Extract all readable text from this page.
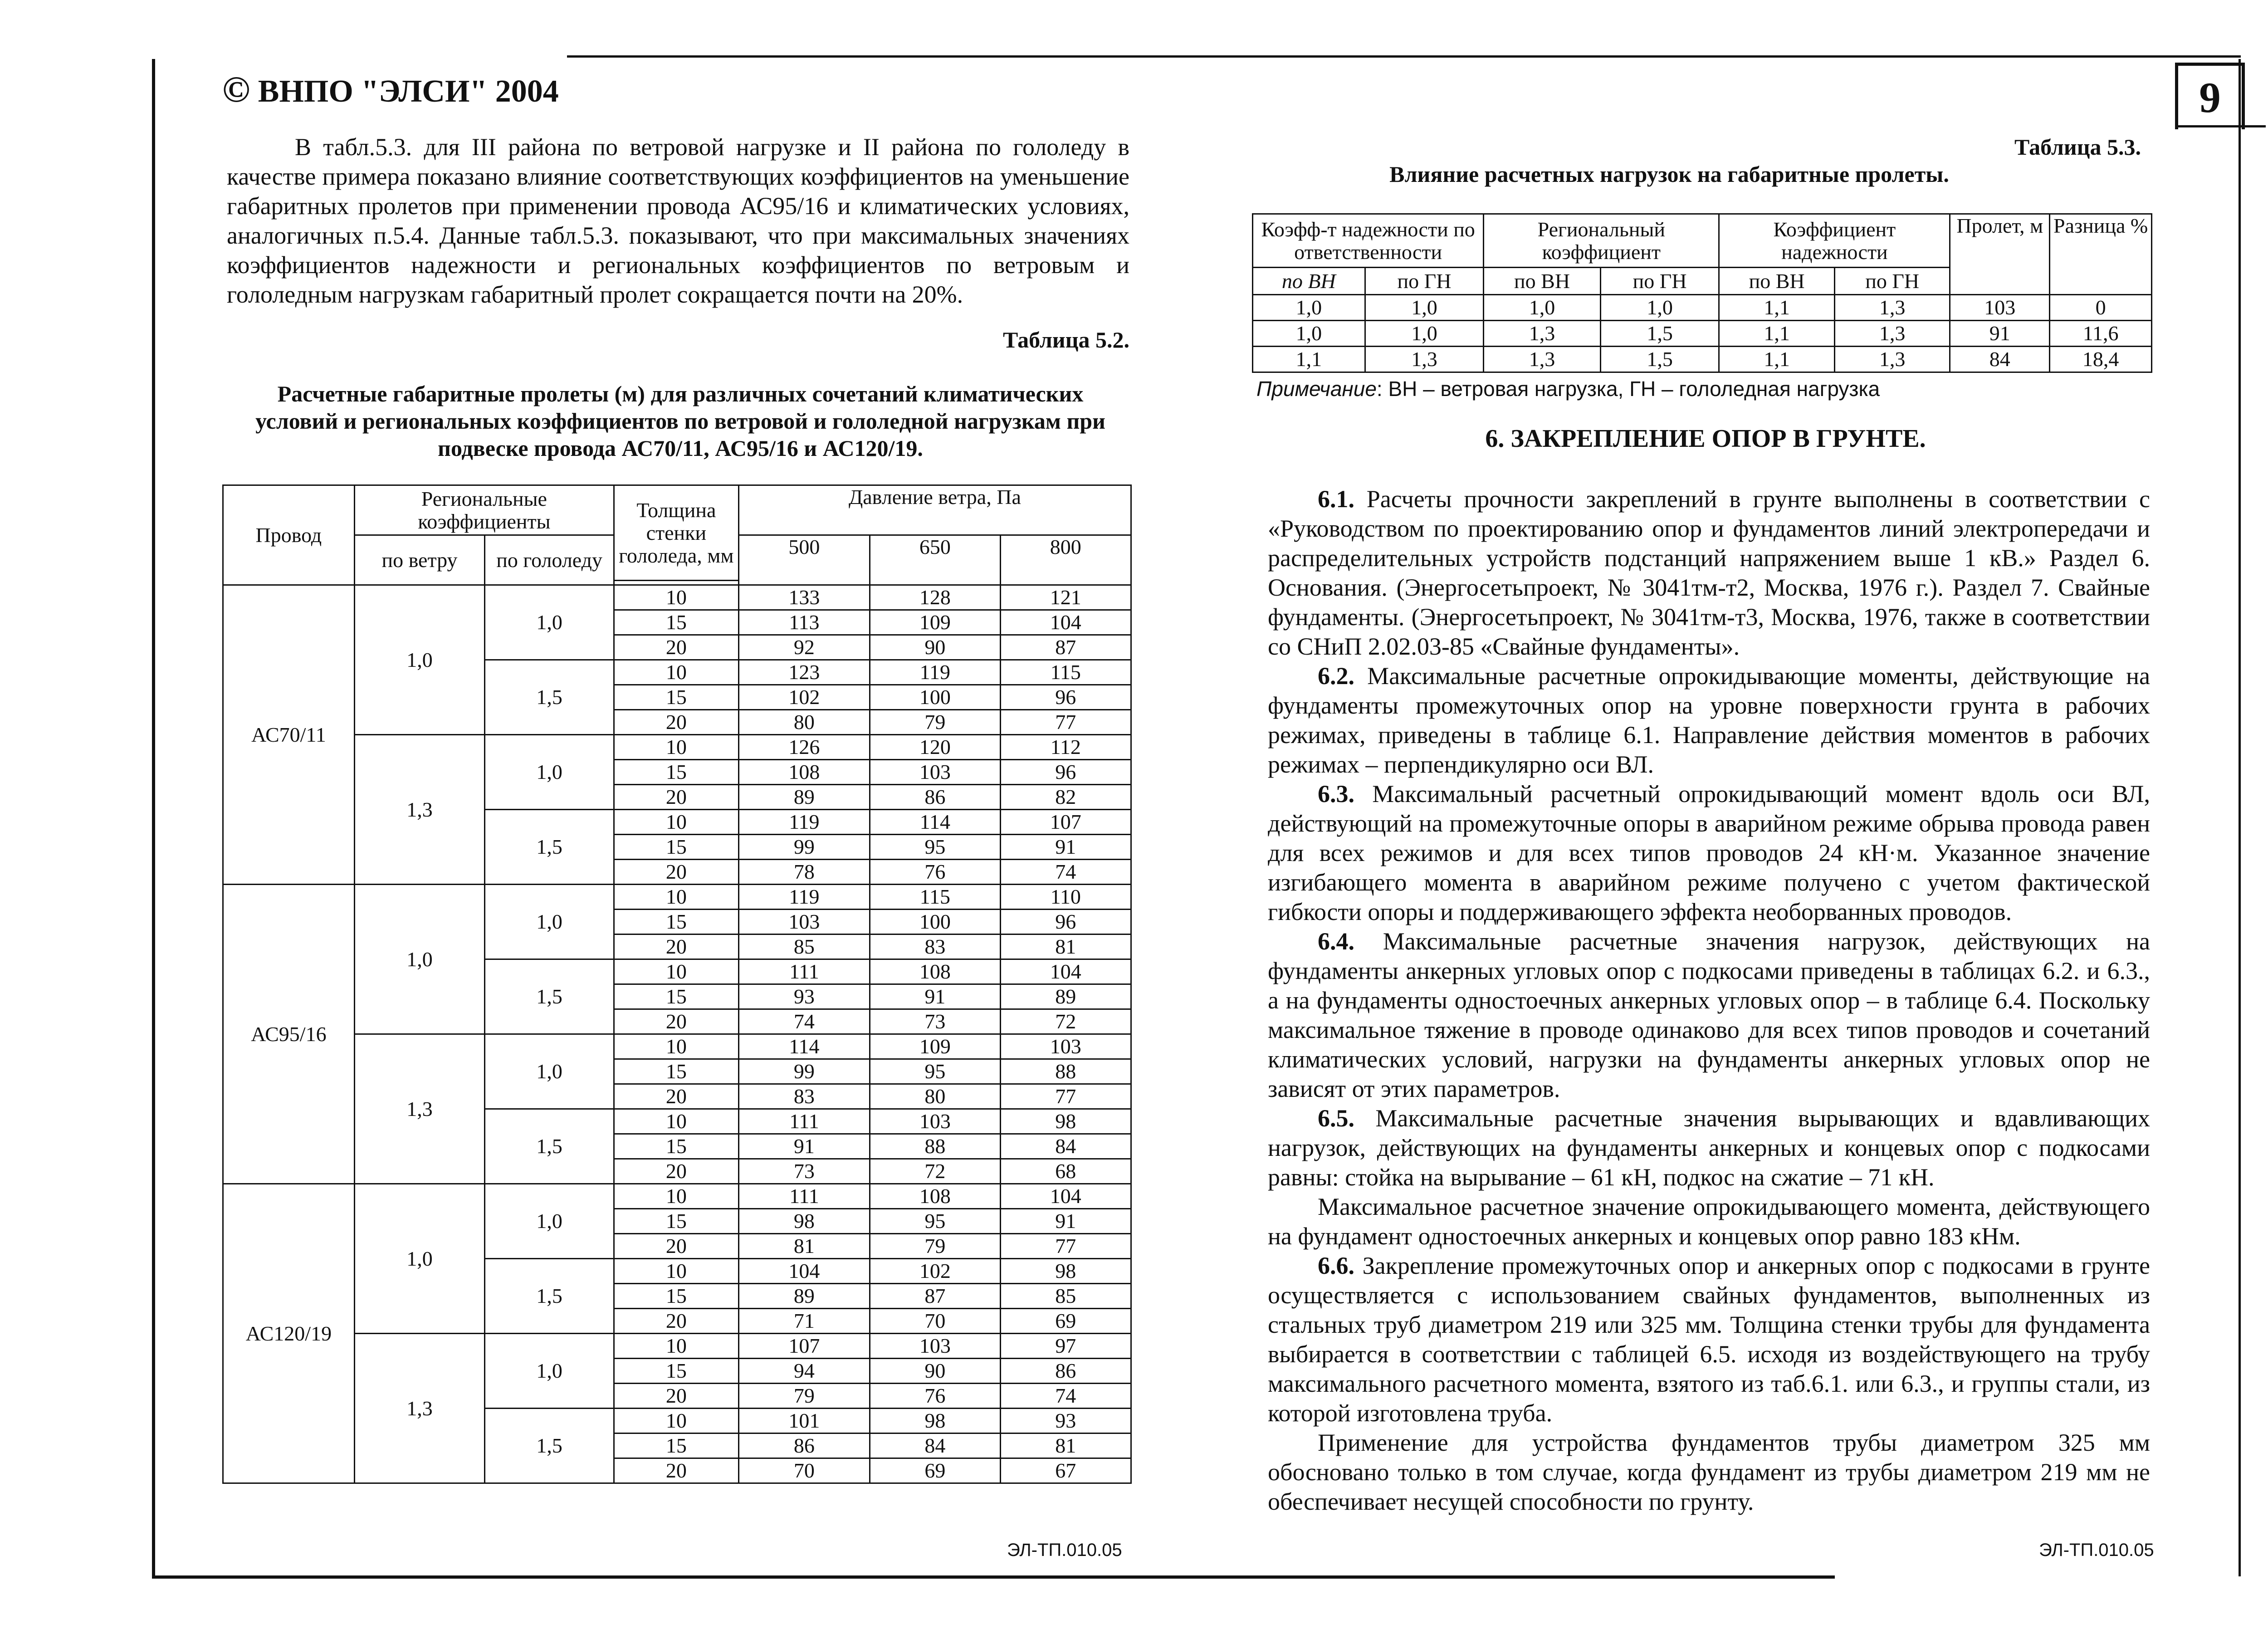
© ВНПО "ЭЛСИ" 2004	9
В табл.5.3. для III района по ветровой нагрузке и II района по гололеду в качестве примера показано влияние соответствующих коэффициентов на уменьшение габаритных пролетов при применении провода АС95/16 и климатических условиях, аналогичных п.5.4. Данные табл.5.3. показывают, что при максимальных значениях коэффициентов надежности и региональных коэффициентов по ветровым и гололедным нагрузкам габаритный пролет сокращается почти на 20%.
Таблица 5.2.
Расчетные габаритные пролеты (м) для различных сочетаний климатических условий и региональных коэффициентов по ветровой и гололедной нагрузкам при подвеске провода АС70/11, АС95/16 и АС120/19.
Провод	Региональные коэффициенты		Толщина стенки гололеда, мм	Давление ветра, Па		
	по ветру	по гололеду		500	650	800

АС70/11	1,0	1,0	10	133	128	121
			15	113	109	104
			20	92	90	87
		1,5	10	123	119	115
			15	102	100	96
			20	80	79	77
	1,3	1,0	10	126	120	112
			15	108	103	96
			20	89	86	82
		1,5	10	119	114	107
			15	99	95	91
			20	78	76	74
АС95/16	1,0	1,0	10	119	115	110
			15	103	100	96
			20	85	83	81
		1,5	10	111	108	104
			15	93	91	89
			20	74	73	72
	1,3	1,0	10	114	109	103
			15	99	95	88
			20	83	80	77
		1,5	10	111	103	98
			15	91	88	84
			20	73	72	68
АС120/19	1,0	1,0	10	111	108	104
			15	98	95	91
			20	81	79	77
		1,5	10	104	102	98
			15	89	87	85
			20	71	70	69
	1,3	1,0	10	107	103	97
			15	94	90	86
			20	79	76	74
		1,5	10	101	98	93
			15	86	84	81
			20	70	69	67
Таблица 5.3.
Влияние расчетных нагрузок на габаритные пролеты.
Коэфф-т надежности по ответственности		Региональный коэффициент		Коэффициент надежности		Пролет, м	Разница %
по ВН	по ГН	по ВН	по ГН	по ВН	по ГН		
1,0	1,0	1,0	1,0	1,1	1,3	103	0
1,0	1,0	1,3	1,5	1,1	1,3	91	11,6
1,1	1,3	1,3	1,5	1,1	1,3	84	18,4
Примечание: ВН – ветровая нагрузка, ГН – гололедная нагрузка
6. ЗАКРЕПЛЕНИЕ ОПОР В ГРУНТЕ.

6.1. Расчеты прочности закреплений в грунте выполнены в соответствии с «Руководством по проектированию опор и фундаментов линий электропередачи и распределительных устройств подстанций напряжением выше 1 кВ.» Раздел 6. Основания. (Энергосетьпроект, № 3041тм-т2, Москва, 1976 г.). Раздел 7. Свайные фундаменты. (Энергосетьпроект, № 3041тм-т3, Москва, 1976, также в соответствии со СНиП 2.02.03-85 «Свайные фундаменты».

6.2. Максимальные расчетные опрокидывающие моменты, действующие на фундаменты промежуточных опор на уровне поверхности грунта в рабочих режимах, приведены в таблице 6.1. Направление действия моментов в рабочих режимах – перпендикулярно оси ВЛ.

6.3. Максимальный расчетный опрокидывающий момент вдоль оси ВЛ, действующий на промежуточные опоры в аварийном режиме обрыва провода равен для всех режимов и для всех типов проводов 24 кН·м. Указанное значение изгибающего момента в аварийном режиме получено с учетом фактической гибкости опоры и поддерживающего эффекта необорванных проводов.

6.4. Максимальные расчетные значения нагрузок, действующих на фундаменты анкерных угловых опор с подкосами приведены в таблицах 6.2. и 6.3., а на фундаменты одностоечных анкерных угловых опор – в таблице 6.4. Поскольку максимальное тяжение в проводе одинаково для всех типов проводов и сочетаний климатических условий, нагрузки на фундаменты анкерных угловых опор не зависят от этих параметров.

6.5. Максимальные расчетные значения вырывающих и вдавливающих нагрузок, действующих на фундаменты анкерных и концевых опор с подкосами равны: стойка на вырывание – 61 кН, подкос на сжатие – 71 кН.

Максимальное расчетное значение опрокидывающего момента, действующего на фундамент одностоечных анкерных и концевых опор равно 183 кНм.

6.6. Закрепление промежуточных опор и анкерных опор с подкосами в грунте осуществляется с использованием свайных фундаментов, выполненных из стальных труб диаметром 219 или 325 мм. Толщина стенки трубы для фундамента выбирается в соответствии с таблицей 6.5. исходя из воздействующего на трубу максимального расчетного момента, взятого из таб.6.1. или 6.3., и группы стали, из которой изготовлена труба.

Применение для устройства фундаментов трубы диаметром 325 мм обосновано только в том случае, когда фундамент из трубы диаметром 219 мм не обеспечивает несущей способности по грунту.

ЭЛ-ТП.010.05	ЭЛ-ТП.010.05
